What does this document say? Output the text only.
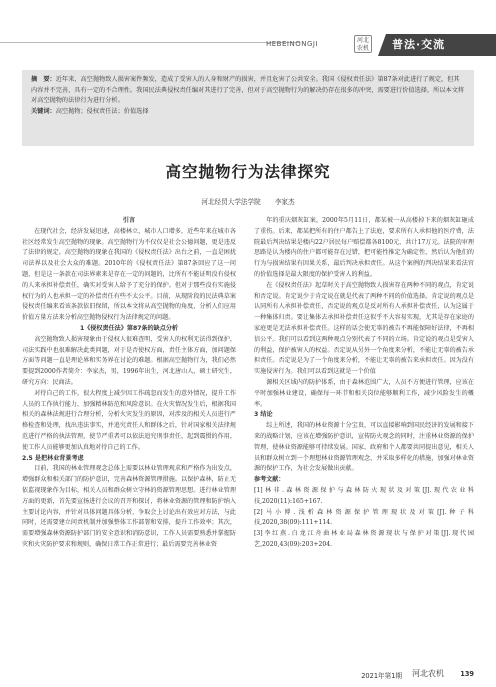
HEBEINONGJI	河北
农机	普法·交流

摘　要：近年来，高空抛物致人损害案件频发，造成了受害人的人身和财产的损害，并且危害了公共安全。我国《侵权责任法》第87条对此进行了规定，但其内容并不完善，具有一定的不合理性。我国民法典侵权责任编对其进行了完善，但对于高空抛物行为的解决仍存在很多的冲突，需要进行价值选择，所以本文将对高空抛物的法律行为进行分析。

关键词：高空抛物；侵权责任法；价值选择

高空抛物行为法律探究
河北经贸大学法学院 李家杰

引言

在现代社会，经济发展迅速，高楼林立，城市人口增多，近些年来在城市各社区经常发生高空抛物的现象。高空抛物行为不仅仅是社会公德问题，更是违反了法律的规定。高空抛物的现象在我国的《侵权责任法》出台之前，一直是困扰司法界以及社会大众的难题。2010年的《侵权责任法》第87条回应了这一问题，但是这一条款在司法界素来是存在一定的问题的，比所有不能证明没有侵权的人来承担补偿责任，确实对受害人给予了充分的保护。但对于那些没有实施侵权行为的人也承担一定的补偿责任有些不太公平。目前，从现阶段的民法典草案侵权责任编来看该条款依旧保留，所以本文将从高空抛物的角度，分析人们应用价值方量方法来分析高空抛物侵权行为法律规定的问题。

1《侵权责任法》第87条的缺点分析

高空抛物致人损害现象由于侵权人很难查明，受害人的权利无法得到保护，司法实践中也很难解决此类问题，对于是否使权方面，责任主体方面，加问题保方面等问题一直是理论界和实务界在讨论的难题。根据高空抛物行为，我们必然要提到2000作者简介：李家杰，男，1996年出生，河北唐山人，硕士研究生，研究方向：民商法。

对待自己的工作，很大程度上减少因工作疏忽而发生的意外情况，提升工作人员的工作执行能力，加强精林防范和风险意识。在火灾情况发生后，根据我国相关的森林法规进行合理分析，分析火灾发生的原因，对涉及的相关人员进行严格检查和处理，找出违法事实，并追究责任人和群体之后，针对国家相关法律规范进行严格的执法管理，使节严重者可以依法追究刑事责任，起到震慑的作用，使工作人员能够更加认真地对待自己的工作。

2.5 是把林业背景考虑

目前，我国的林业管理观念总体上需要以林业管理观求和严格作为出发点，增强群众和相关部门的防护意识，完善森林资源管理措施。以保护森林，防止无依监视现象作为目标，相关人员和群众树立守林的资源管理思想。进行林业管理方面的更新，首先要宣扬进行会议的召开和探讨，将林业资源的管理和防护纳入主要讨论内容，并针对具体问题具体分析，争取会上讨论出有效应对方法，与此同时，还需要建立问责机制并加强整体工作部署和安排，提升工作效率；其次，需要增强森林资源防护部门的安全意识和消防意识，工作人员需要熟悉并掌握防灾和火灾防护要求和规则，确保日常工作正常进行；最后需要完善林业资

年的重庆烟灰缸案，2000年5月11日，都某被一从高楼掉下来的烟灰缸砸成了重伤。后来，都某把所有的住户都告上了法庭，要求所有人承担他的医疗费，法院最后判决结果是楼内22户居民每户赔偿都各8100元，共计17万元。法院的审理思路是认为楼内的住户都可能存在过错，把可能性推定为确定性，然后认为他们的行为与损害结果有因果关系，最后判决承担责任。从这个案例的判决结果来看法官的价值选择是最大限度的保护受害人的利益。

在《侵权责任法》起草时关于高空抛物致人损害存在两种不同的观点，肯定说和否定说。肯定说少于肯定说在就是代表了两种不同的价值选择。肯定说的观点是认同所有人承担补偿责任，否定说的观点是反对所有人承担补偿责任，认为这属于一种集体归责。要让集体去承担补偿责任这似乎不大容易实现，尤其是存在家庭的家庭更是无法承担补偿责任。这样的话会使无辜的被告不再能保障好法律，不再相信公平。我们可以看到这两种观点分别代表了不同的立场。肯定说的观点是受害人的利益，保护被害人的权益。否定说从另外一个角度来分析，不能让无辜的被告承担责任。否定说是为了一个角度来分析，不能让无辜的被告来承担责任。因为没有实施侵害行为。我们可以看到这就是一个价值

源相关区域内的防护体系，由于森林范围广大，人员不方便进行管理，应该在平时加强林业建设，确保每一环节和相关岗位能够顺利工作，减少风险发生的概率。

3 结论

综上所述，我国的林业资源十分宝贵，可以直接影响到国民经济的发展和接下来的战略计划，应该在增强防护意识，宣传防火观念的同时，注重林业资源的保护管理，使林业资源能够可持续发展。国家、政府和个人都要共同提出意见，相关人员和群众树立到一个理想林业资源管理观念，并采取多样化的措施，加强对林业资源的保护工作，为社会发展做出贡献。

参考文献：

[1]林非.森林资源保护与森林防火现状及对策[J].现代农业科技,2020(11):165+167.

[2]马小博.浅析森林资源保护管理现状及对策[J].种子科技,2020,38(09):111+114.

[3]李红燕.白龙江舟曲林业局森林资源现状与保护对策[J].现代园艺,2020,43(09):203+204.

2021年第1期 河北农机 139
